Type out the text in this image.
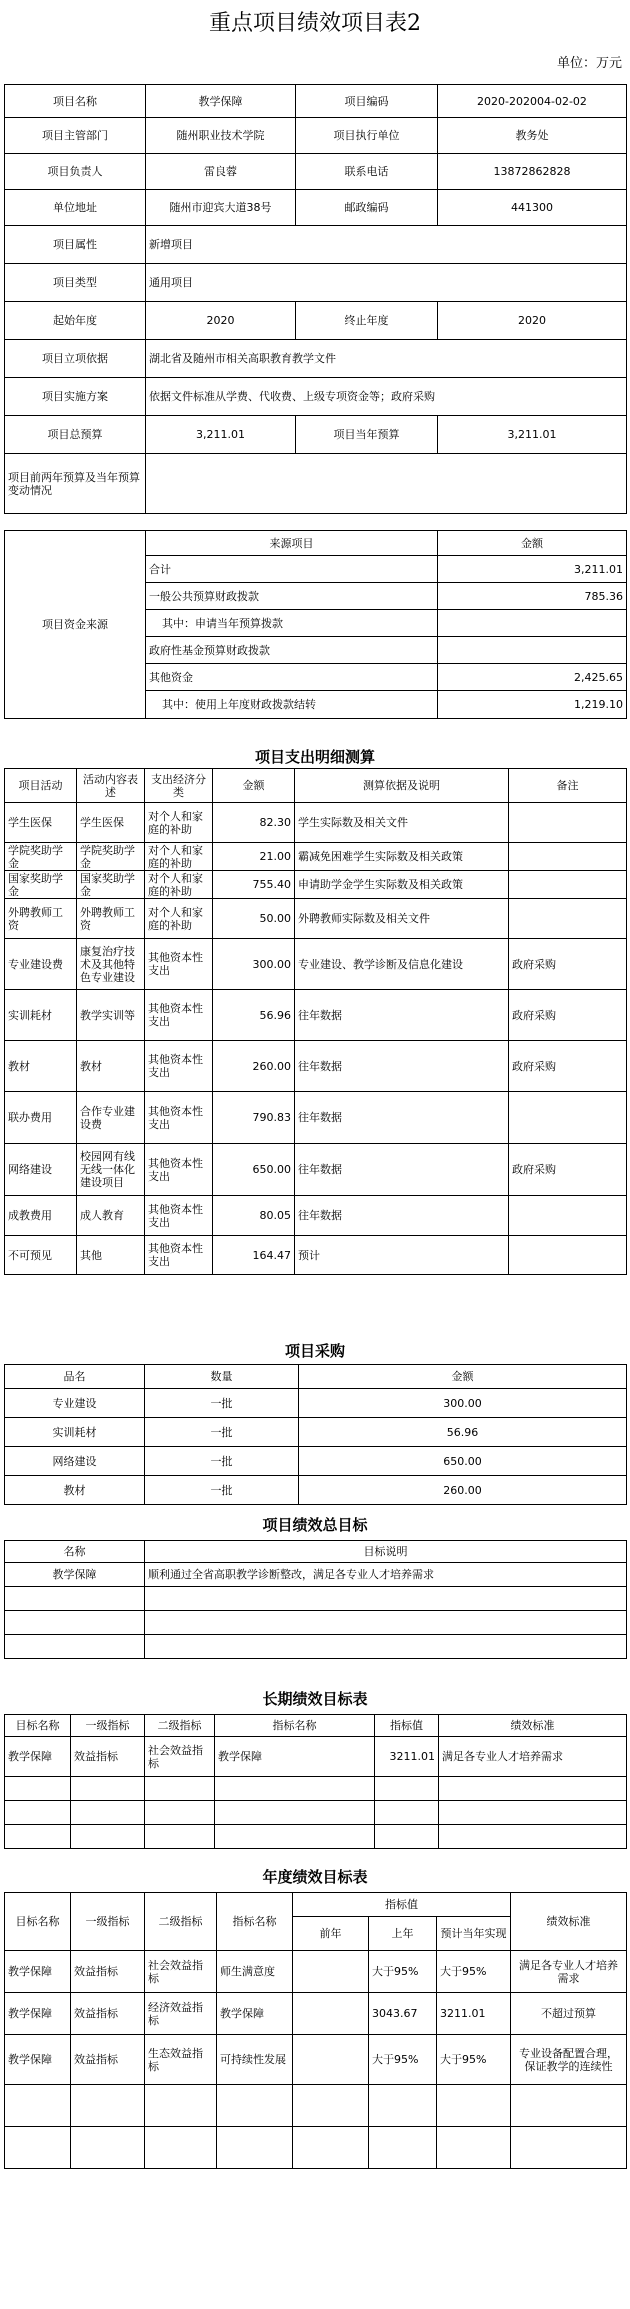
重点项目绩效项目表2
单位：万元
项目名称	教学保障	项目编码	2020-202004-02-02
项目主管部门	随州职业技术学院	项目执行单位	教务处
项目负责人	雷良蓉	联系电话	13872862828
单位地址	随州市迎宾大道38号	邮政编码	441300
项目属性	新增项目		
项目类型	通用项目		
起始年度	2020	终止年度	2020
项目立项依据	湖北省及随州市相关高职教育教学文件		
项目实施方案	依据文件标准从学费、代收费、上级专项资金等；政府采购		
项目总预算	3,211.01	项目当年预算	3,211.01
项目前两年预算及当年预算变动情况			
项目资金来源	来源项目	金额
	合计	3,211.01
	一般公共预算财政拨款	785.36
	其中：申请当年预算拨款	
	政府性基金预算财政拨款	
	其他资金	2,425.65
	其中：使用上年度财政拨款结转	1,219.10
项目支出明细测算
项目活动	活动内容表述	支出经济分类	金额	测算依据及说明	备注
学生医保	学生医保	对个人和家庭的补助	82.30	学生实际数及相关文件	
学院奖助学金	学院奖助学金	对个人和家庭的补助	21.00	霸减免困难学生实际数及相关政策	
国家奖助学金	国家奖助学金	对个人和家庭的补助	755.40	申请助学金学生实际数及相关政策	
外聘教师工资	外聘教师工资	对个人和家庭的补助	50.00	外聘教师实际数及相关文件	
专业建设费	康复治疗技术及其他特色专业建设	其他资本性支出	300.00	专业建设、教学诊断及信息化建设	政府采购
实训耗材	教学实训等	其他资本性支出	56.96	往年数据	政府采购
教材	教材	其他资本性支出	260.00	往年数据	政府采购
联办费用	合作专业建设费	其他资本性支出	790.83	往年数据	
网络建设	校园网有线无线一体化建设项目	其他资本性支出	650.00	往年数据	政府采购
成教费用	成人教育	其他资本性支出	80.05	往年数据	
不可预见	其他	其他资本性支出	164.47	预计	
项目采购
品名	数量	金额
专业建设	一批	300.00
实训耗材	一批	56.96
网络建设	一批	650.00
教材	一批	260.00
项目绩效总目标
名称	目标说明
教学保障	顺利通过全省高职教学诊断整改，满足各专业人才培养需求

长期绩效目标表
目标名称	一级指标	二级指标	指标名称	指标值	绩效标准
教学保障	效益指标	社会效益指标	教学保障	3211.01	满足各专业人才培养需求

年度绩效目标表
目标名称	一级指标	二级指标	指标名称	指标值			绩效标准
				前年	上年	预计当年实现	
教学保障	效益指标	社会效益指标	师生满意度		大于95%	大于95%	满足各专业人才培养需求
教学保障	效益指标	经济效益指标	教学保障		3043.67	3211.01	不超过预算
教学保障	效益指标	生态效益指标	可持续性发展		大于95%	大于95%	专业设备配置合理，保证教学的连续性
